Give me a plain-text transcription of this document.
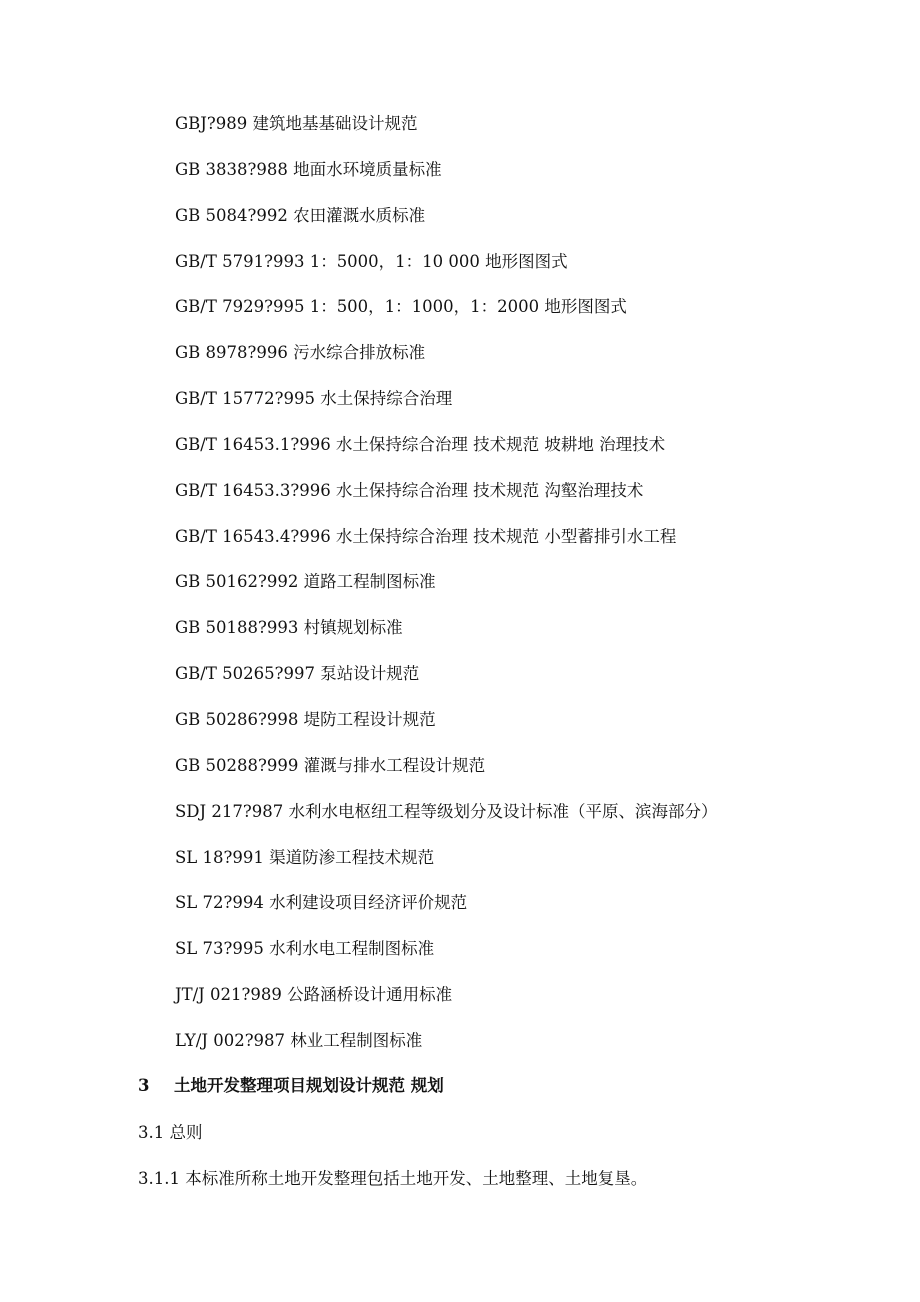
GBJ?989 建筑地基基础设计规范
GB 3838?988 地面水环境质量标准
GB 5084?992 农田灌溉水质标准
GB/T 5791?993 1：5000，1：10 000 地形图图式
GB/T 7929?995 1：500，1：1000，1：2000 地形图图式
GB 8978?996 污水综合排放标准
GB/T 15772?995 水土保持综合治理
GB/T 16453.1?996 水土保持综合治理 技术规范 坡耕地 治理技术
GB/T 16453.3?996 水土保持综合治理 技术规范 沟壑治理技术
GB/T 16543.4?996 水土保持综合治理 技术规范 小型蓄排引水工程
GB 50162?992 道路工程制图标准
GB 50188?993 村镇规划标准
GB/T 50265?997 泵站设计规范
GB 50286?998 堤防工程设计规范
GB 50288?999 灌溉与排水工程设计规范
SDJ 217?987 水利水电枢纽工程等级划分及设计标准（平原、滨海部分）
SL 18?991 渠道防渗工程技术规范
SL 72?994 水利建设项目经济评价规范
SL 73?995 水利水电工程制图标准
JT/J 021?989 公路涵桥设计通用标准
LY/J 002?987 林业工程制图标准
3 土地开发整理项目规划设计规范 规划
3.1 总则
3.1.1 本标准所称土地开发整理包括土地开发、土地整理、土地复垦。
